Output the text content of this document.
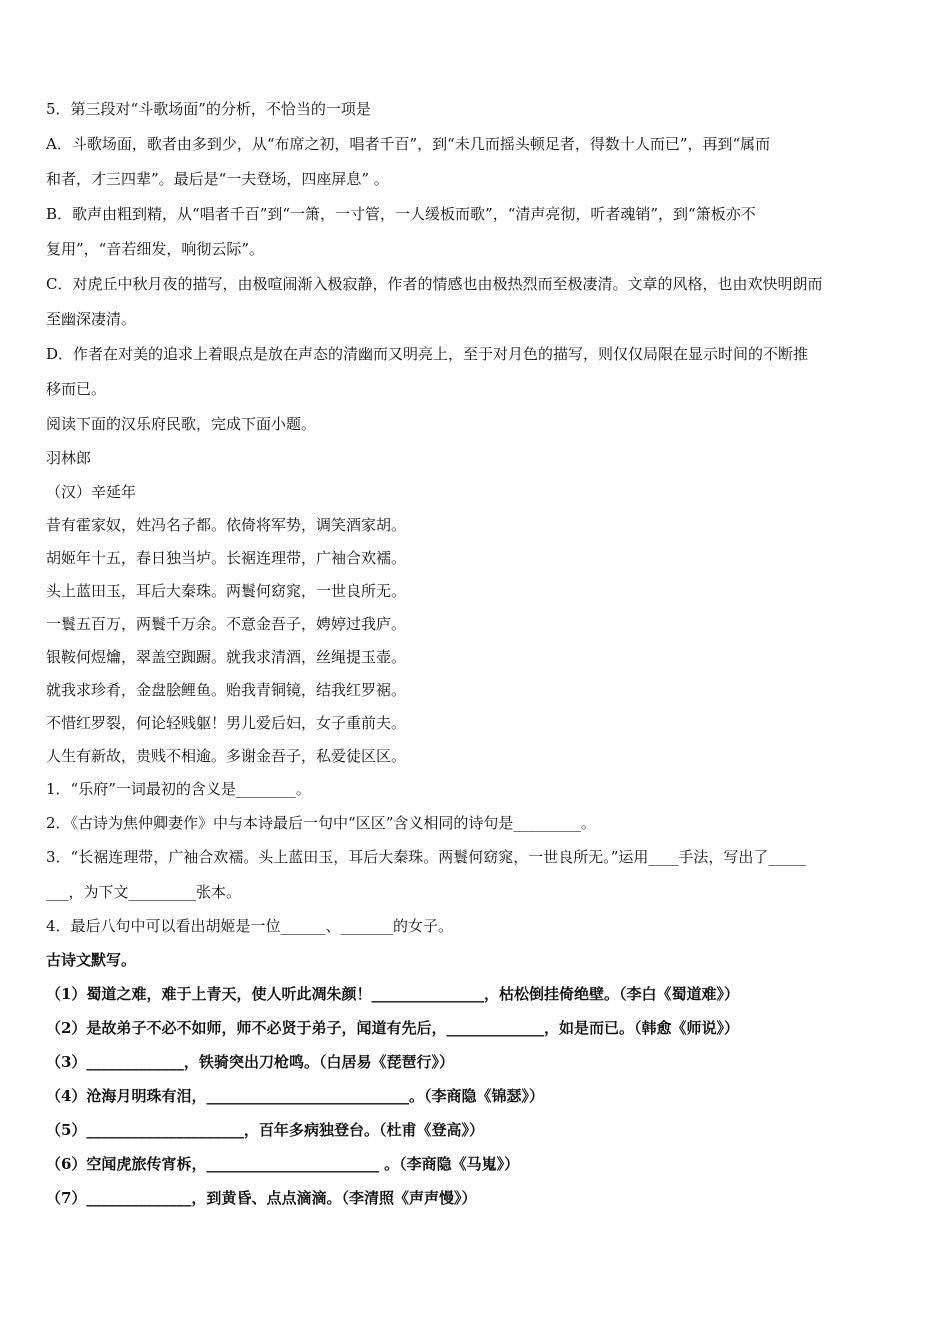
5．第三段对“斗歌场面”的分析，不恰当的一项是
A．斗歌场面，歌者由多到少，从“布席之初，唱者千百”，到“未几而摇头顿足者，得数十人而已”，再到“属而
和者，才三四辈”。最后是“一夫登场，四座屏息” 。
B．歌声由粗到精，从“唱者千百”到“一箫，一寸管，一人缓板而歌”，“清声亮彻，听者魂销”，到“箫板亦不
复用”，“音若细发，响彻云际”。
C．对虎丘中秋月夜的描写，由极喧闹渐入极寂静，作者的情感也由极热烈而至极凄清。文章的风格，也由欢快明朗而
至幽深凄清。
D．作者在对美的追求上着眼点是放在声态的清幽而又明亮上，至于对月色的描写，则仅仅局限在显示时间的不断推
移而已。
阅读下面的汉乐府民歌，完成下面小题。
羽林郎
（汉）辛延年
昔有霍家奴，姓冯名子都。依倚将军势，调笑酒家胡。
胡姬年十五，春日独当垆。长裾连理带，广袖合欢襦。
头上蓝田玉，耳后大秦珠。两鬟何窈窕，一世良所无。
一鬟五百万，两鬟千万余。不意金吾子，娉婷过我庐。
银鞍何煜爚，翠盖空踟蹰。就我求清酒，丝绳提玉壶。
就我求珍肴，金盘脍鲤鱼。贻我青铜镜，结我红罗裾。
不惜红罗裂，何论轻贱躯！男儿爱后妇，女子重前夫。
人生有新故，贵贱不相逾。多谢金吾子，私爱徒区区。
1．“乐府”一词最初的含义是________。
2．《古诗为焦仲卿妻作》中与本诗最后一句中“区区”含义相同的诗句是_________。
3．“长裾连理带，广袖合欢襦。头上蓝田玉，耳后大秦珠。两鬟何窈窕，一世良所无。”运用____手法，写出了_____
___，为下文_________张本。
4．最后八句中可以看出胡姬是一位______、_______的女子。
古诗文默写。
（1）蜀道之难，难于上青天，使人听此凋朱颜！_______________，枯松倒挂倚绝壁。（李白《蜀道难》）
（2）是故弟子不必不如师，师不必贤于弟子，闻道有先后，_____________，如是而已。（韩愈《师说》）
（3）_____________，铁骑突出刀枪鸣。（白居易《琵琶行》）
（4）沧海月明珠有泪，___________________________。（李商隐《锦瑟》）
（5）_____________________，百年多病独登台。（杜甫《登高》）
（6）空闻虎旅传宵柝，_______________________ 。（李商隐《马嵬》）
（7）______________，到黄昏、点点滴滴。（李清照《声声慢》）
